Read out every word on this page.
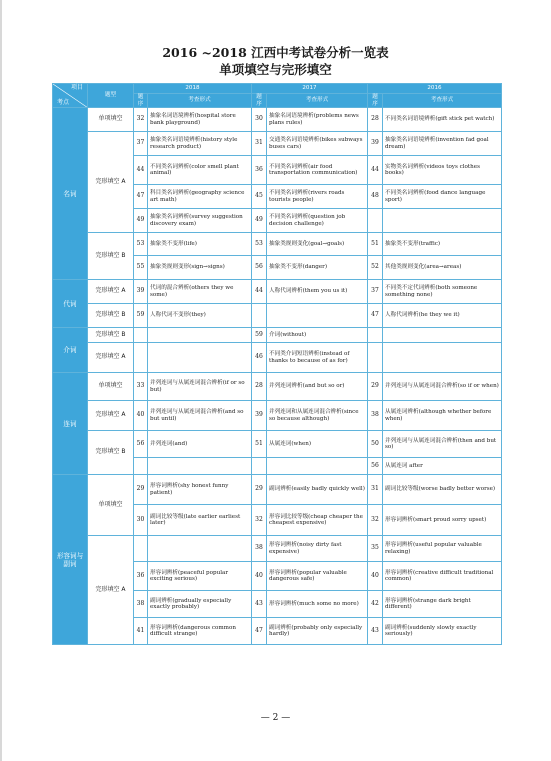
2016 ~2018 江西中考试卷分析一览表
单项填空与完形填空
项目
考点	题型	2018		2017		2016	
		题序	考查形式	题序	考查形式	题序	考查形式
名词	单项填空	32	抽象名词语境辨析(hospital store bank playground)	30	抽象名词语境辨析(problems news plans rules)	28	不同类名词语境辨析(gift stick pet watch)
	完形填空 A	37	抽象类名词语境辨析(history style research product)	31	交通类名词语境辨析(bikes subways buses cars)	39	抽象类名词语境辨析(invention fad goal dream)
		44	不同类名词辨析(color smell plant animal)	36	不同类名词辨析(air food transportation communication)	44	实物类名词辨析(videos toys clothes books)
		47	科目类名词辨析(geography science art math)	45	不同类名词辨析(rivers roads tourists people)	48	不同类名词辨析(food dance language sport)
		49	抽象类名词辨析(survey suggestion discovery exam)	49	不同类名词辨析(question job decision challenge)		
	完形填空 B	53	抽象类不变形(life)	53	抽象类规则变化(goal→goals)	51	抽象类不变形(traffic)
		55	抽象类规则变形(sign→signs)	56	抽象类不变形(danger)	52	其他类规则变化(area→areas)
代词	完形填空 A	39	代词的混合辨析(others they we some)	44	人称代词辨析(them you us it)	37	不同类不定代词辨析(both someone something none)
	完形填空 B	59	人称代词不变形(they)			47	人称代词辨析(he they we it)
介词	完形填空 B			59	介词(without)		
	完形填空 A			46	不同类介词短语辨析(instead of thanks to because of as for)		
连词	单项填空	33	并列连词与从属连词混合辨析(if or so but)	28	并列连词辨析(and but so or)	29	并列连词与从属连词混合辨析(so if or when)
	完形填空 A	40	并列连词与从属连词混合辨析(and so but until)	39	并列连词和从属连词混合辨析(since so because although)	38	从属连词辨析(although whether before when)
	完形填空 B	56	并列连词(and)	51	从属连词(when)	50	并列连词与从属连词混合辨析(then and but so)
						56	从属连词 after
形容词与副词	单项填空	29	形容词辨析(shy honest funny patient)	29	副词辨析(easily badly quickly well)	31	副词比较等级(worse badly better worse)
		30	副词比较等级(late earlier earliest later)	32	形容词比较等级(cheap cheaper the cheapest expensive)	32	形容词辨析(smart proud sorry upset)
	完形填空 A			38	形容词辨析(noisy dirty fast expensive)	35	形容词辨析(useful popular valuable relaxing)
		36	形容词辨析(peaceful popular exciting serious)	40	形容词辨析(popular valuable dangerous safe)	40	形容词辨析(creative difficult traditional common)
		38	副词辨析(gradually especially exactly probably)	43	形容词辨析(much some no more)	42	形容词辨析(strange dark bright different)
		41	形容词辨析(dangerous common difficult strange)	47	副词辨析(probably only especially hardly)	43	副词辨析(suddenly slowly exactly seriously)
— 2 —
